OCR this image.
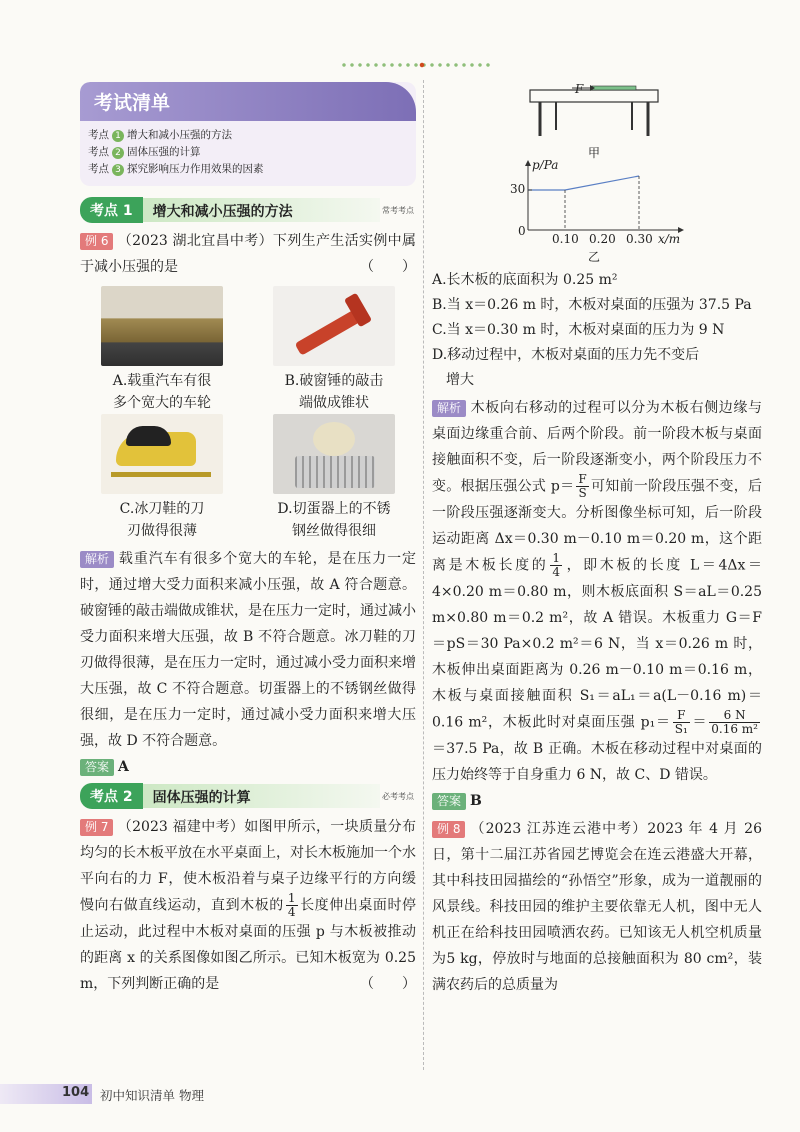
考试清单
考点 1 增大和减小压强的方法
考点 2 固体压强的计算
考点 3 探究影响压力作用效果的因素
考点 1	增大和减小压强的方法	常考考点
例 6 （2023 湖北宜昌中考）下列生产生活实例中属于减小压强的是	（　　）
A.载重汽车有很
多个宽大的车轮
B.破窗锤的敲击
端做成锥状
C.冰刀鞋的刀
刃做得很薄
D.切蛋器上的不锈
钢丝做得很细
解析 载重汽车有很多个宽大的车轮，是在压力一定时，通过增大受力面积来减小压强，故 A 符合题意。破窗锤的敲击端做成锥状，是在压力一定时，通过减小受力面积来增大压强，故 B 不符合题意。冰刀鞋的刀刃做得很薄，是在压力一定时，通过减小受力面积来增大压强，故 C 不符合题意。切蛋器上的不锈钢丝做得很细，是在压力一定时，通过减小受力面积来增大压强，故 D 不符合题意。
答案 A
考点 2	固体压强的计算	必考考点
例 7 （2023 福建中考）如图甲所示，一块质量分布均匀的长木板平放在水平桌面上，对长木板施加一个水平向右的力 F，使木板沿着与桌子边缘平行的方向缓慢向右做直线运动，直到木板的 $\frac{1}{4}$ 长度伸出桌面时停止运动，此过程中木板对桌面的压强 p 与木板被推动的距离 x 的关系图像如图乙所示。已知木板宽为 0.25 m，下列判断正确的是	（　　）
F
甲
p/Pa
30
0
0.10 0.20 0.30 x/m
乙
A.长木板的底面积为 0.25 m²
B.当 x＝0.26 m 时，木板对桌面的压强为 37.5 Pa
C.当 x＝0.30 m 时，木板对桌面的压力为 9 N
D.移动过程中，木板对桌面的压力先不变后
增大
解析 木板向右移动的过程可以分为木板右侧边缘与桌面边缘重合前、后两个阶段。前一阶段木板与桌面接触面积不变，后一阶段逐渐变小，两个阶段压力不变。根据压强公式 $p= \frac{F}{S}$ 可知前一阶段压强不变，后一阶段压强逐渐变大。分析图像坐标可知，后一阶段运动距离 Δx＝0.30 m－0.10 m＝0.20 m，这个距离是木板长度的 $\frac{1}{4}$ ，即木板的长度 L＝4Δx＝4×0.20 m＝0.80 m，则木板底面积 S＝aL＝0.25 m×0.80 m＝0.2 m²，故 A 错误。木板重力 G＝F＝pS＝30 Pa×0.2 m²＝6 N，当 x＝0.26 m 时，木板伸出桌面距离为 0.26 m－0.10 m＝0.16 m，木板与桌面接触面积 S₁＝aL₁＝a(L－0.16 m)＝0.16 m²，木板此时对桌面压强 $p_1= \frac{F}{\text{S₁}} = \frac{6 N}{\text{0.16 m²}}$
＝37.5 Pa，故 B 正确。木板在移动过程中对桌面的压力始终等于自身重力 6 N，故 C、D 错误。
答案 B
例 8 （2023 江苏连云港中考）2023 年 4 月 26 日，第十二届江苏省园艺博览会在连云港盛大开幕，其中科技田园描绘的“孙悟空”形象，成为一道靓丽的风景线。科技田园的维护主要依靠无人机，图中无人机正在给科技田园喷洒农药。已知该无人机空机质量为5 kg，停放时与地面的总接触面积为 80 cm²，装满农药后的总质量为
104 初中知识清单 物理
